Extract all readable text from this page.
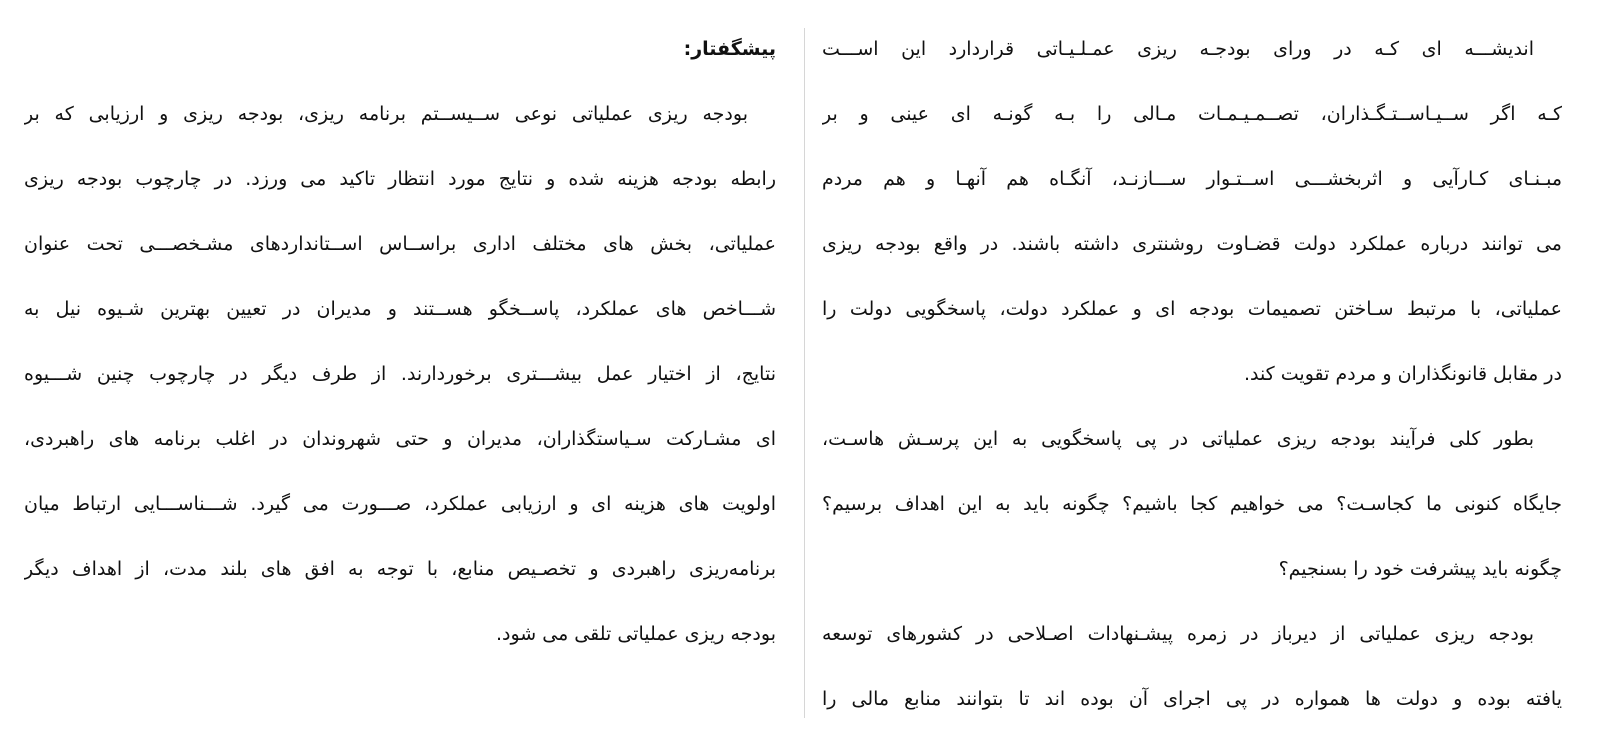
اندیشـــه ای کـه در ورای بودجـه ریزی عمـلـیـاتی قراردارد این اســـت
کـه اگر ســیـاســتـگـذاران، تصــمـیـمـات مـالی را بـه گونـه ای عینی و بر
مبـنـای کـارآیی و اثربخشـــی اســتـوار ســـازنـد، آنگـاه هم آنهـا و هم مردم
می توانند درباره عملکرد دولت قضـاوت روشنتری داشته باشند. در واقع بودجه ریزی
عملیاتی، با مرتبط سـاختن تصمیمات بودجه ای و عملکرد دولت، پاسخگویی دولت را
در مقابل قانونگذاران و مردم تقویت کند.
بطور کلی فرآیند بودجه ریزی عملیاتی در پی پاسخگویی به این پرسـش هاسـت،
جایگاه کنونی ما کجاسـت؟ می خواهیم کجا باشیم؟ چگونه باید به این اهداف برسیم؟
چگونه باید پیشرفت خود را بسنجیم؟
بودجه ریزی عملیاتی از دیرباز در زمره پیشـنهادات اصـلاحی در کشورهای توسعه
یافته بوده و دولت ها همواره در پی اجرای آن بوده اند تا بتوانند منابع مالی را
پیشگفتار:
بودجه ریزی عملیاتی نوعی ســیســتم برنامه ریزی، بودجه ریزی و ارزیابی که بر
رابطه بودجه هزینه شده و نتایج مورد انتظار تاکید می ورزد. در چارچوب بودجه ریزی
عملیاتی، بخش های مختلف اداری براســاس اســتانداردهای مشـخصـــی تحت عنوان
شـــاخص های عملکرد، پاســخگو هســتند و مدیران در تعیین بهترین شـیوه نیل به
نتایج، از اختیار عمل بیشـــتری برخوردارند. از طرف دیگر در چارچوب چنین شـــیوه
ای مشـارکت سـیاستگذاران، مدیران و حتی شهروندان در اغلب برنامه های راهبردی،
اولویت های هزینه ای و ارزیابی عملکرد، صـــورت می گیرد. شـــناســـایی ارتباط میان
برنامه‌ریزی راهبردی و تخصـیص منابع، با توجه به افق های بلند مدت، از اهداف دیگر
بودجه ریزی عملیاتی تلقی می شود.
